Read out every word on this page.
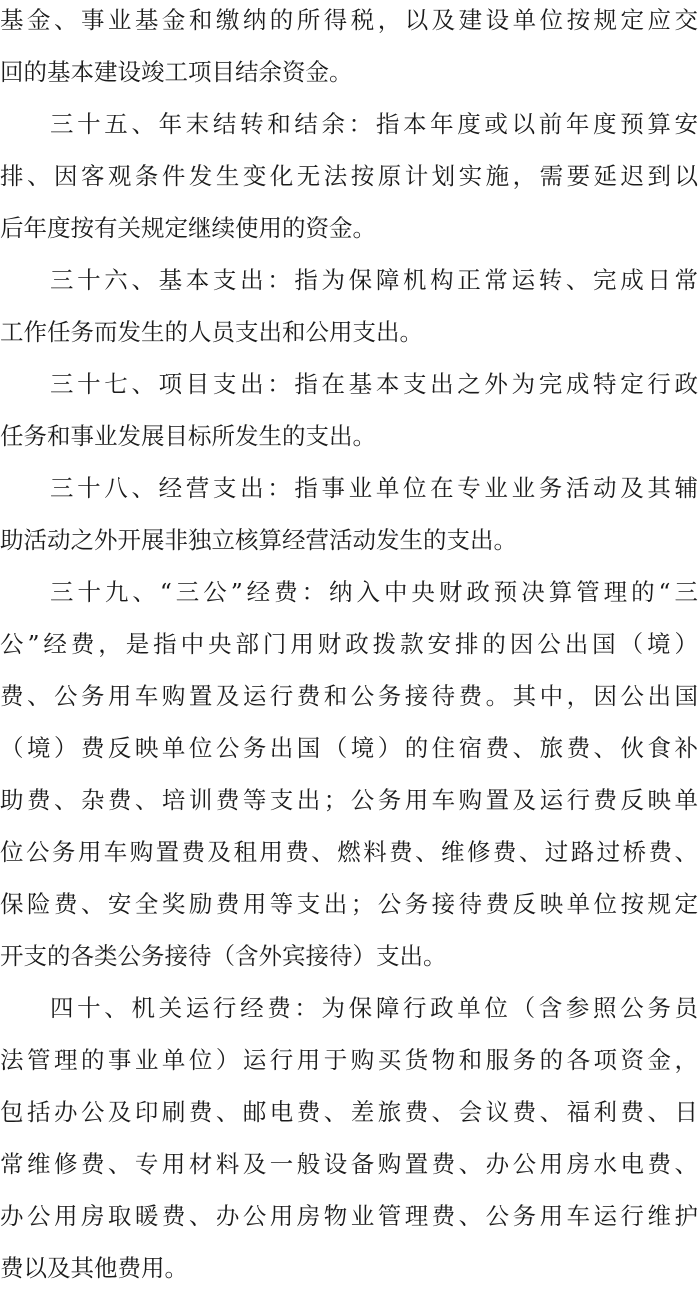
基金、事业基金和缴纳的所得税，以及建设单位按规定应交
回的基本建设竣工项目结余资金。
三十五、年末结转和结余：指本年度或以前年度预算安
排、因客观条件发生变化无法按原计划实施，需要延迟到以
后年度按有关规定继续使用的资金。
三十六、基本支出：指为保障机构正常运转、完成日常
工作任务而发生的人员支出和公用支出。
三十七、项目支出：指在基本支出之外为完成特定行政
任务和事业发展目标所发生的支出。
三十八、经营支出：指事业单位在专业业务活动及其辅
助活动之外开展非独立核算经营活动发生的支出。
三十九、“三公”经费：纳入中央财政预决算管理的“三
公”经费，是指中央部门用财政拨款安排的因公出国（境）
费、公务用车购置及运行费和公务接待费。其中，因公出国
（境）费反映单位公务出国（境）的住宿费、旅费、伙食补
助费、杂费、培训费等支出；公务用车购置及运行费反映单
位公务用车购置费及租用费、燃料费、维修费、过路过桥费、
保险费、安全奖励费用等支出；公务接待费反映单位按规定
开支的各类公务接待（含外宾接待）支出。
四十、机关运行经费：为保障行政单位（含参照公务员
法管理的事业单位）运行用于购买货物和服务的各项资金，
包括办公及印刷费、邮电费、差旅费、会议费、福利费、日
常维修费、专用材料及一般设备购置费、办公用房水电费、
办公用房取暖费、办公用房物业管理费、公务用车运行维护
费以及其他费用。
